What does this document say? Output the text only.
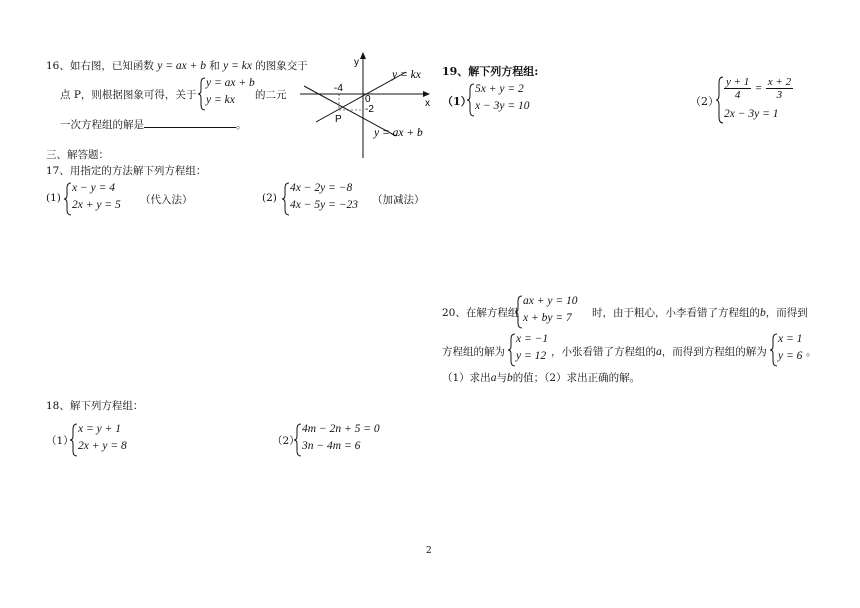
16、如右图，已知函数 y = ax + b 和 y = kx 的图象交于
点 P，则根据图象可得，关于
y = ax + b
y = kx 的二元
一次方程组的解是	。
y
x
0
-4
-2
P
y = kx
y = ax + b
三、解答题：
17、用指定的方法解下列方程组：
(1)
x − y = 4
2x + y = 5 （代入法）	(2)
4x − 2y = −8
4x − 5y = −23 （加减法）
18、解下列方程组：
（1）
x = y + 1
2x + y = 8	（2）
4m − 2n + 5 = 0
3n − 4m = 6
19、解下列方程组:
（1）
5x + y = 2
x − 3y = 10	（2）
$\frac{y + 1}{4} = \frac{x + 2}{3}$
2x − 3y = 1
20、在解方程组
ax + y = 10
x + by = 7 时，由于粗心，小李看错了方程组的b，而得到
方程组的解为
x = −1
y = 12 ，小张看错了方程组的a，而得到方程组的解为
x = 1
y = 6 。
（1）求出a与b的值；（2）求出正确的解。
2
